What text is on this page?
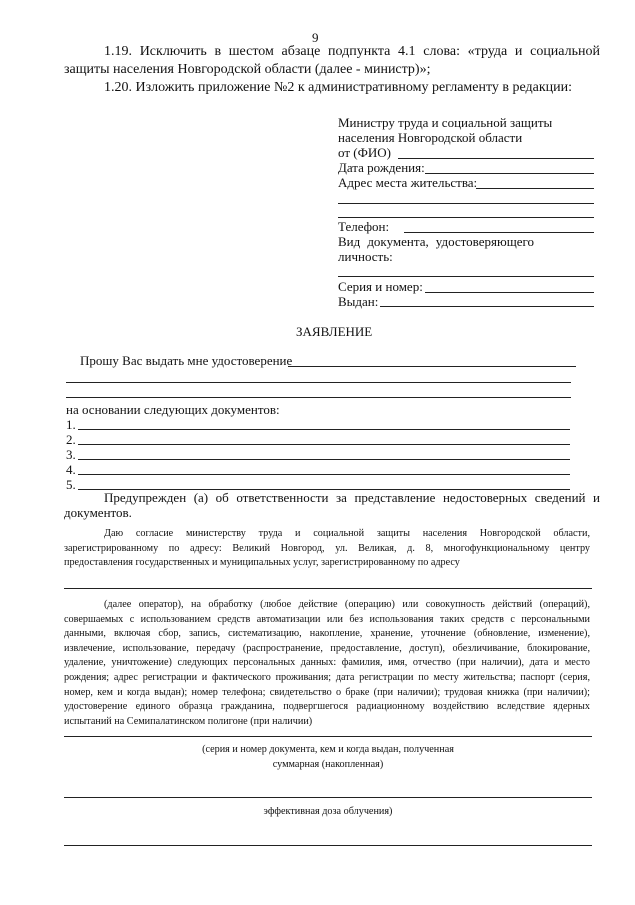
9
1.19. Исключить в шестом абзаце подпункта 4.1 слова: «труда и социальной
защиты населения Новгородской области (далее - министр)»;
1.20. Изложить приложение №2 к административному регламенту в редакции:
Министру труда и социальной защиты
населения Новгородской области
от (ФИО)
Дата рождения:
Адрес места жительства:
Телефон:
Вид документа, удостоверяющего
личность:
Серия и номер:
Выдан:
ЗАЯВЛЕНИЕ
Прошу Вас выдать мне удостоверение
на основании следующих документов:
1.
2.
3.
4.
5.
Предупрежден (а) об ответственности за представление недостоверных сведений и
документов.
Даю согласие министерству труда и социальной защиты населения Новгородской области,
зарегистрированному по адресу: Великий Новгород, ул. Великая, д. 8, многофункциональному центру
предоставления государственных и муниципальных услуг, зарегистрированному по адресу
(далее оператор), на обработку (любое действие (операцию) или совокупность действий (операций),
совершаемых с использованием средств автоматизации или без использования таких средств с персональными
данными, включая сбор, запись, систематизацию, накопление, хранение, уточнение (обновление, изменение),
извлечение, использование, передачу (распространение, предоставление, доступ), обезличивание, блокирование,
удаление, уничтожение) следующих персональных данных: фамилия, имя, отчество (при наличии), дата и место
рождения; адрес регистрации и фактического проживания; дата регистрации по месту жительства; паспорт (серия,
номер, кем и когда выдан); номер телефона; свидетельство о браке (при наличии); трудовая книжка (при наличии);
удостоверение единого образца гражданина, подвергшегося радиационному воздействию вследствие ядерных
испытаний на Семипалатинском полигоне (при наличии)
(серия и номер документа, кем и когда выдан, полученная
суммарная (накопленная)
эффективная доза облучения)
